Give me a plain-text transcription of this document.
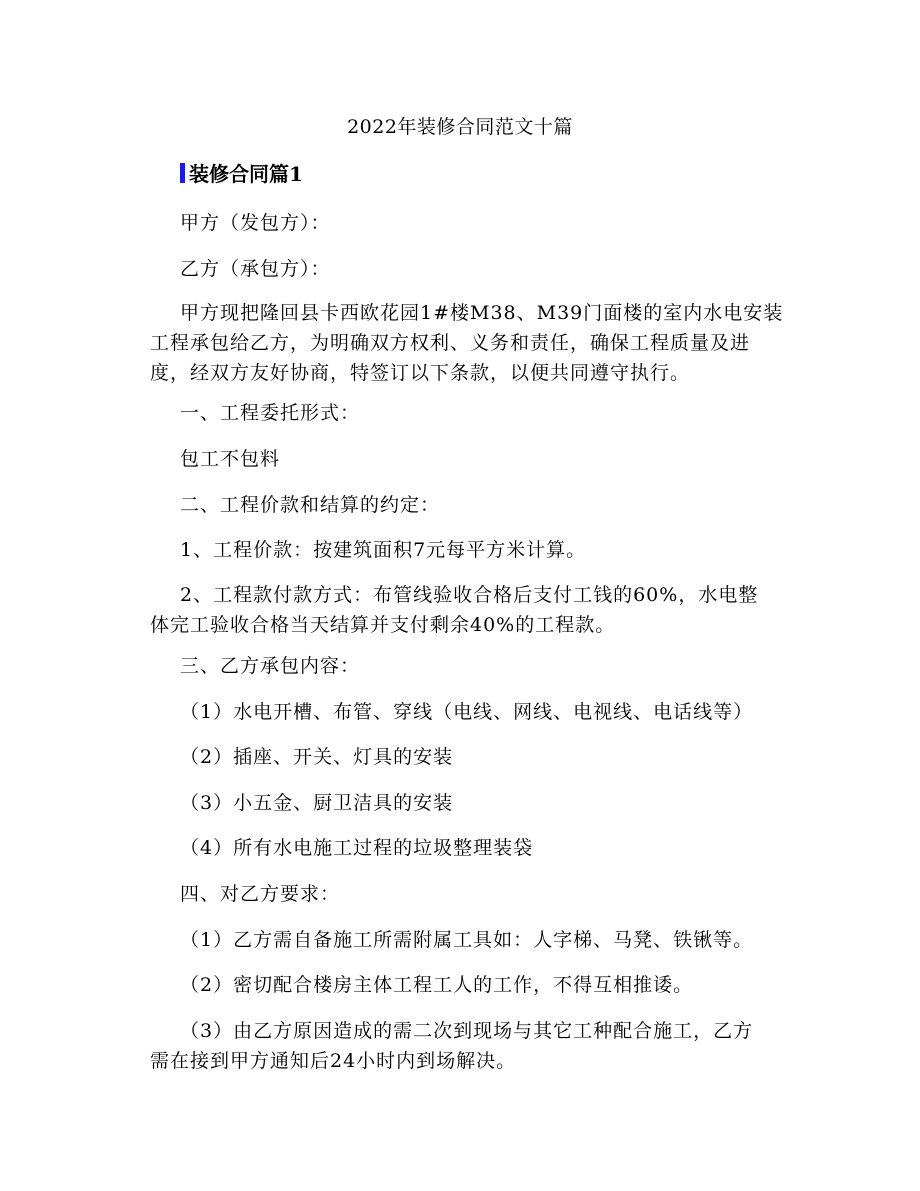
2022年装修合同范文十篇
装修合同篇1
甲方（发包方）：
乙方（承包方）：
甲方现把隆回县卡西欧花园1#楼M38、M39门面楼的室内水电安装
工程承包给乙方，为明确双方权利、义务和责任，确保工程质量及进
度，经双方友好协商，特签订以下条款，以便共同遵守执行。
一、工程委托形式：
包工不包料
二、工程价款和结算的约定：
1、工程价款：按建筑面积7元每平方米计算。
2、工程款付款方式：布管线验收合格后支付工钱的60%，水电整
体完工验收合格当天结算并支付剩余40%的工程款。
三、乙方承包内容：
（1）水电开槽、布管、穿线（电线、网线、电视线、电话线等）
（2）插座、开关、灯具的安装
（3）小五金、厨卫洁具的安装
（4）所有水电施工过程的垃圾整理装袋
四、对乙方要求：
（1）乙方需自备施工所需附属工具如：人字梯、马凳、铁锹等。
（2）密切配合楼房主体工程工人的工作，不得互相推诿。
（3）由乙方原因造成的需二次到现场与其它工种配合施工，乙方
需在接到甲方通知后24小时内到场解决。
